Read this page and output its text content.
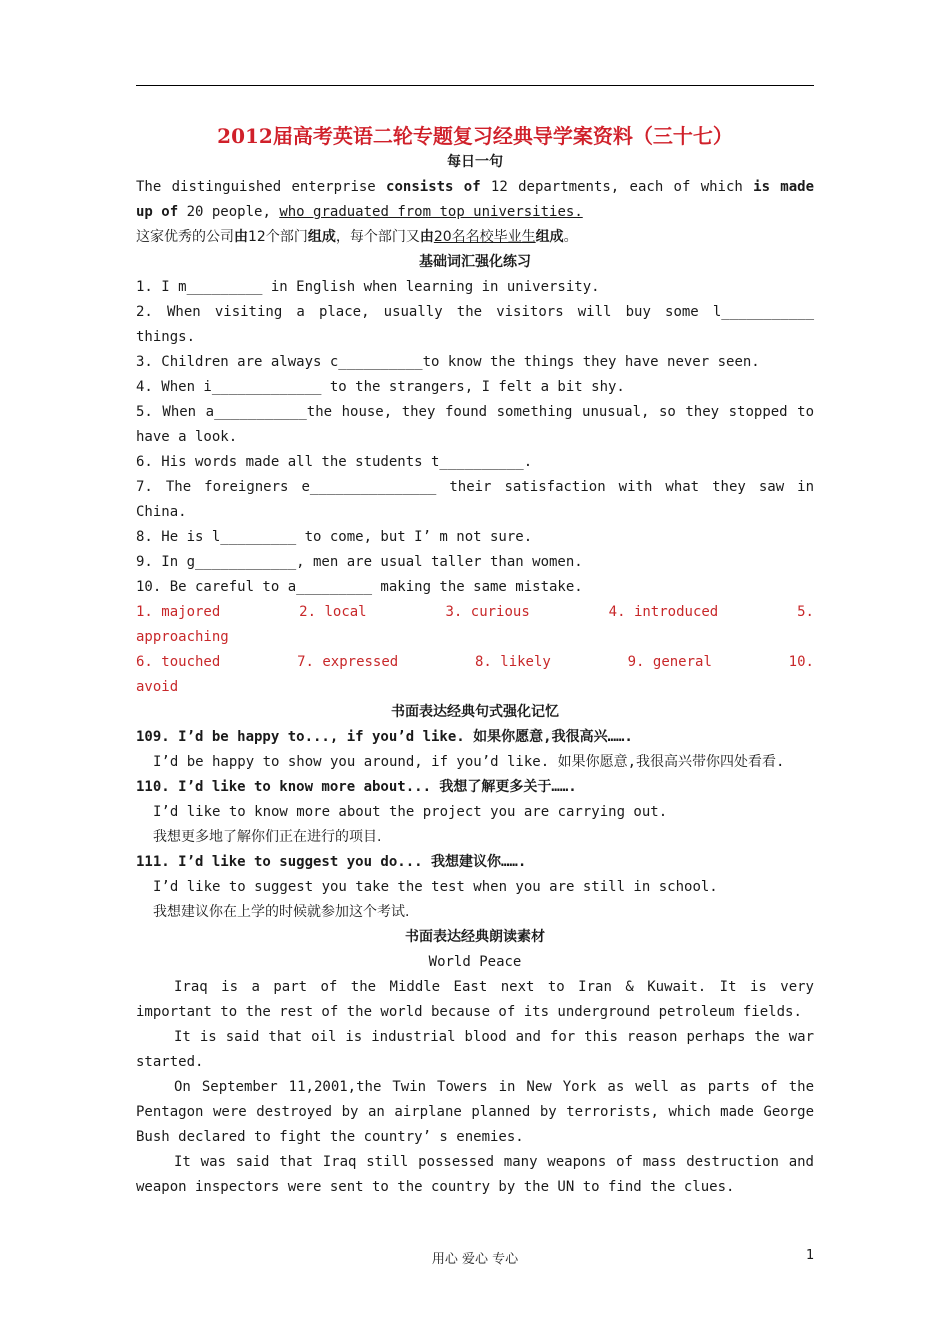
2012届高考英语二轮专题复习经典导学案资料（三十七）

每日一句

The distinguished enterprise consists of 12 departments, each of which is made up of 20 people, who graduated from top universities.

这家优秀的公司由12个部门组成，每个部门又由20名名校毕业生组成。

基础词汇强化练习

1. I m_________ in English when learning in university.

2. When visiting a place, usually the visitors will buy some l___________ things.

3. Children are always c__________to know the things they have never seen.

4. When i_____________ to the strangers, I felt a bit shy.

5. When a___________the house, they found something unusual, so they stopped to have a look.

6. His words made all the students t__________.

7. The foreigners e_______________ their satisfaction with what they saw in China.

8. He is l_________ to come, but I’ m not sure.

9. In g____________, men are usual taller than women.

10. Be careful to a_________ making the same mistake.

1. majored	2. local	3. curious	4. introduced	5.

approaching

6. touched	7. expressed	8. likely	9. general	10.

avoid

书面表达经典句式强化记忆

109. I’d be happy to..., if you’d like. 如果你愿意,我很高兴…….

I’d be happy to show you around, if you’d like. 如果你愿意,我很高兴带你四处看看.

110. I’d like to know more about... 我想了解更多关于…….

I’d like to know more about the project you are carrying out.

我想更多地了解你们正在进行的项目.

111. I’d like to suggest you do... 我想建议你…….

I’d like to suggest you take the test when you are still in school.

我想建议你在上学的时候就参加这个考试.

书面表达经典朗读素材

World Peace

Iraq is a part of the Middle East next to Iran & Kuwait. It is very important to the rest of the world because of its underground petroleum fields.

It is said that oil is industrial blood and for this reason perhaps the war started.

On September 11,2001,the Twin Towers in New York as well as parts of the Pentagon were destroyed by an airplane planned by terrorists, which made George Bush declared to fight the country’ s enemies.

It was said that Iraq still possessed many weapons of mass destruction and weapon inspectors were sent to the country by the UN to find the clues.

用心 爱心 专心	1
